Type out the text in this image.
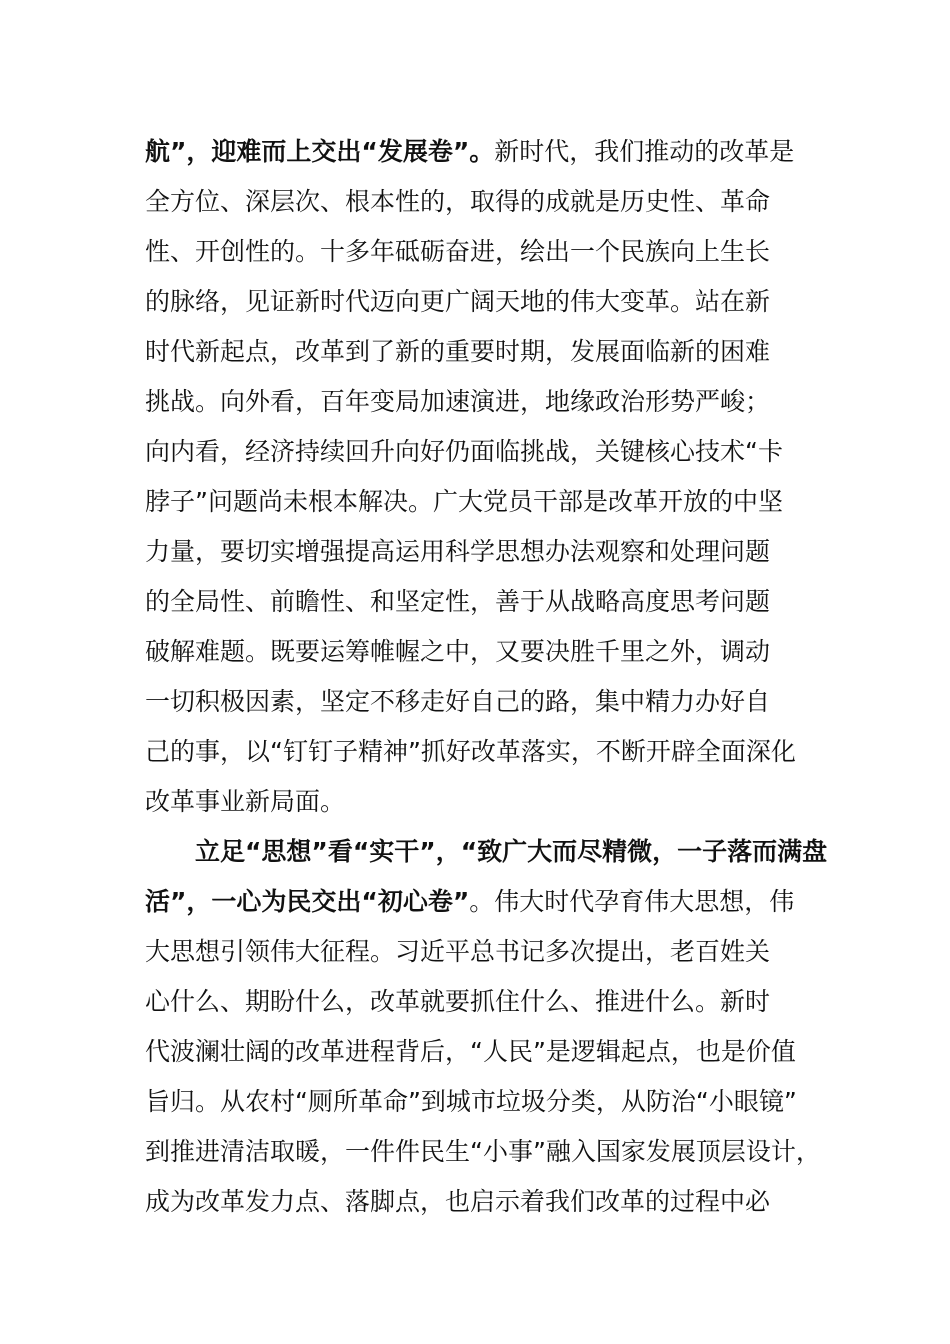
航”，迎难而上交出“发展卷”。新时代，我们推动的改革是
全方位、深层次、根本性的，取得的成就是历史性、革命
性、开创性的。十多年砥砺奋进，绘出一个民族向上生长
的脉络，见证新时代迈向更广阔天地的伟大变革。站在新
时代新起点，改革到了新的重要时期，发展面临新的困难
挑战。向外看，百年变局加速演进，地缘政治形势严峻；
向内看，经济持续回升向好仍面临挑战，关键核心技术“卡
脖子”问题尚未根本解决。广大党员干部是改革开放的中坚
力量，要切实增强提高运用科学思想办法观察和处理问题
的全局性、前瞻性、和坚定性，善于从战略高度思考问题
破解难题。既要运筹帷幄之中，又要决胜千里之外，调动
一切积极因素，坚定不移走好自己的路，集中精力办好自
己的事，以“钉钉子精神”抓好改革落实，不断开辟全面深化
改革事业新局面。
立足“思想”看“实干”，“致广大而尽精微，一子落而满盘
活”，一心为民交出“初心卷”。伟大时代孕育伟大思想，伟
大思想引领伟大征程。习近平总书记多次提出，老百姓关
心什么、期盼什么，改革就要抓住什么、推进什么。新时
代波澜壮阔的改革进程背后，“人民”是逻辑起点，也是价值
旨归。从农村“厕所革命”到城市垃圾分类，从防治“小眼镜”
到推进清洁取暖，一件件民生“小事”融入国家发展顶层设计，
成为改革发力点、落脚点，也启示着我们改革的过程中必
